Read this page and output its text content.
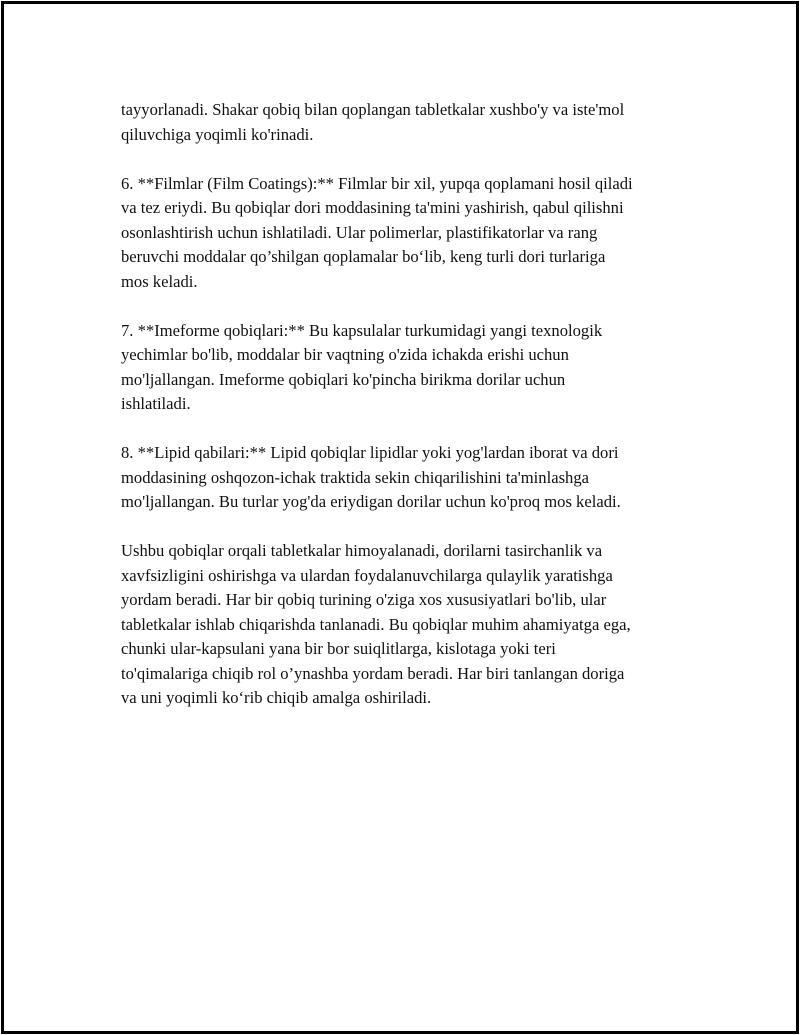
tayyorlanadi. Shakar qobiq bilan qoplangan tabletkalar xushbo'y va iste'mol
qiluvchiga yoqimli ko'rinadi.

6. **Filmlar (Film Coatings):** Filmlar bir xil, yupqa qoplamani hosil qiladi
va tez eriydi. Bu qobiqlar dori moddasining ta'mini yashirish, qabul qilishni
osonlashtirish uchun ishlatiladi. Ular polimerlar, plastifikatorlar va rang
beruvchi moddalar qo’shilgan qoplamalar bo‘lib, keng turli dori turlariga
mos keladi.

7. **Imeforme qobiqlari:** Bu kapsulalar turkumidagi yangi texnologik
yechimlar bo'lib, moddalar bir vaqtning o'zida ichakda erishi uchun
mo'ljallangan. Imeforme qobiqlari ko'pincha birikma dorilar uchun
ishlatiladi.

8. **Lipid qabilari:** Lipid qobiqlar lipidlar yoki yog'lardan iborat va dori
moddasining oshqozon-ichak traktida sekin chiqarilishini ta'minlashga
mo'ljallangan. Bu turlar yog'da eriydigan dorilar uchun ko'proq mos keladi.

Ushbu qobiqlar orqali tabletkalar himoyalanadi, dorilarni tasirchanlik va
xavfsizligini oshirishga va ulardan foydalanuvchilarga qulaylik yaratishga
yordam beradi. Har bir qobiq turining o'ziga xos xususiyatlari bo'lib, ular
tabletkalar ishlab chiqarishda tanlanadi. Bu qobiqlar muhim ahamiyatga ega,
chunki ular-kapsulani yana bir bor suiqlitlarga, kislotaga yoki teri
to'qimalariga chiqib rol o’ynashba yordam beradi. Har biri tanlangan doriga
va uni yoqimli ko‘rib chiqib amalga oshiriladi.
